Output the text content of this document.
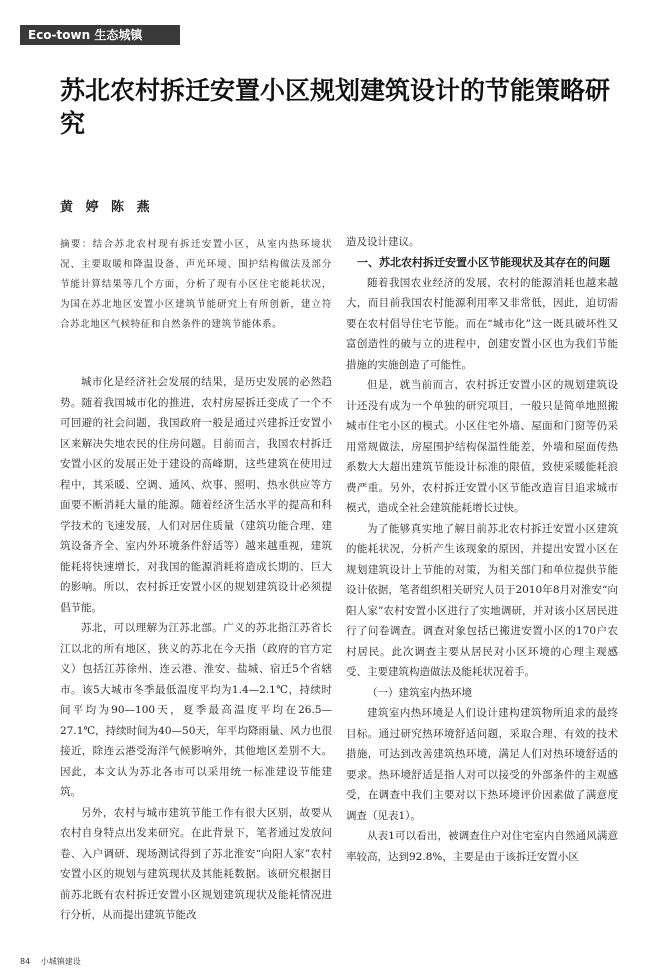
Eco-town 生态城镇
苏北农村拆迁安置小区规划建筑设计的节能策略研究

黄 婷 陈 燕

摘要：结合苏北农村现有拆迁安置小区，从室内热环境状况、主要取暖和降温设备、声光环境、围护结构做法及部分节能计算结果等几个方面，分析了现有小区住宅能耗状况，为国在苏北地区安置小区建筑节能研究上有所创新，建立符合苏北地区气候特征和自然条件的建筑节能体系。

城市化是经济社会发展的结果，是历史发展的必然趋势。随着我国城市化的推进，农村房屋拆迁变成了一个不可回避的社会问题，我国政府一般是通过兴建拆迁安置小区来解决失地农民的住房问题。目前而言，我国农村拆迁安置小区的发展正处于建设的高峰期，这些建筑在使用过程中，其采暖、空调、通风、炊事、照明、热水供应等方面要不断消耗大量的能源。随着经济生活水平的提高和科学技术的飞速发展，人们对居住质量（建筑功能合理、建筑设备齐全、室内外环境条件舒适等）越来越重视，建筑能耗将快速增长，对我国的能源消耗将造成长期的、巨大的影响。所以，农村拆迁安置小区的规划建筑设计必须提倡节能。

苏北，可以理解为江苏北部。广义的苏北指江苏省长江以北的所有地区，狭义的苏北在今天指（政府的官方定义）包括江苏徐州、连云港、淮安、盐城、宿迁5个省辖市。该5大城市冬季最低温度平均为1.4—2.1℃，持续时间平均为90—100天，夏季最高温度平均在26.5—27.1℃，持续时间为40—50天，年平均降雨量、风力也很接近，除连云港受海洋气候影响外，其他地区差别不大。因此，本文认为苏北各市可以采用统一标准建设节能建筑。

另外，农村与城市建筑节能工作有很大区别，故要从农村自身特点出发来研究。在此背景下，笔者通过发放问卷、入户调研、现场测试得到了苏北淮安“向阳人家”农村安置小区的规划与建筑现状及其能耗数据。该研究根据目前苏北既有农村拆迁安置小区规划建筑现状及能耗情况进行分析，从而提出建筑节能改

造及设计建议。

一、苏北农村拆迁安置小区节能现状及其存在的问题

随着我国农业经济的发展，农村的能源消耗也越来越大，而目前我国农村能源利用率又非常低，因此，迫切需要在农村倡导住宅节能。而在“城市化”这一既具破坏性又富创造性的破与立的进程中，创建安置小区也为我们节能措施的实施创造了可能性。

但是，就当前而言，农村拆迁安置小区的规划建筑设计还没有成为一个单独的研究项目，一般只是简单地照搬城市住宅小区的模式。小区住宅外墙、屋面和门窗等仍采用常规做法，房屋围护结构保温性能差，外墙和屋面传热系数大大超出建筑节能设计标准的限值，致使采暖能耗浪费严重。另外，农村拆迁安置小区节能改造盲目追求城市模式，造成全社会建筑能耗增长过快。

为了能够真实地了解目前苏北农村拆迁安置小区建筑的能耗状况，分析产生该现象的原因，并提出安置小区在规划建筑设计上节能的对策，为相关部门和单位提供节能设计依据，笔者组织相关研究人员于2010年8月对淮安“向阳人家”农村安置小区进行了实地调研，并对该小区居民进行了问卷调查。调查对象包括已搬进安置小区的170户农村居民。此次调查主要从居民对小区环境的心理主观感受、主要建筑构造做法及能耗状况着手。

（一）建筑室内热环境

建筑室内热环境是人们设计建构建筑物所追求的最终目标。通过研究热环境舒适问题，采取合理、有效的技术措施，可达到改善建筑热环境，满足人们对热环境舒适的要求。热环境舒适是指人对可以接受的外部条件的主观感受，在调查中我们主要对以下热环境评价因素做了满意度调查（见表1）。

从表1可以看出，被调查住户对住宅室内自然通风满意率较高，达到92.8%，主要是由于该拆迁安置小区

84 小城镇建设
